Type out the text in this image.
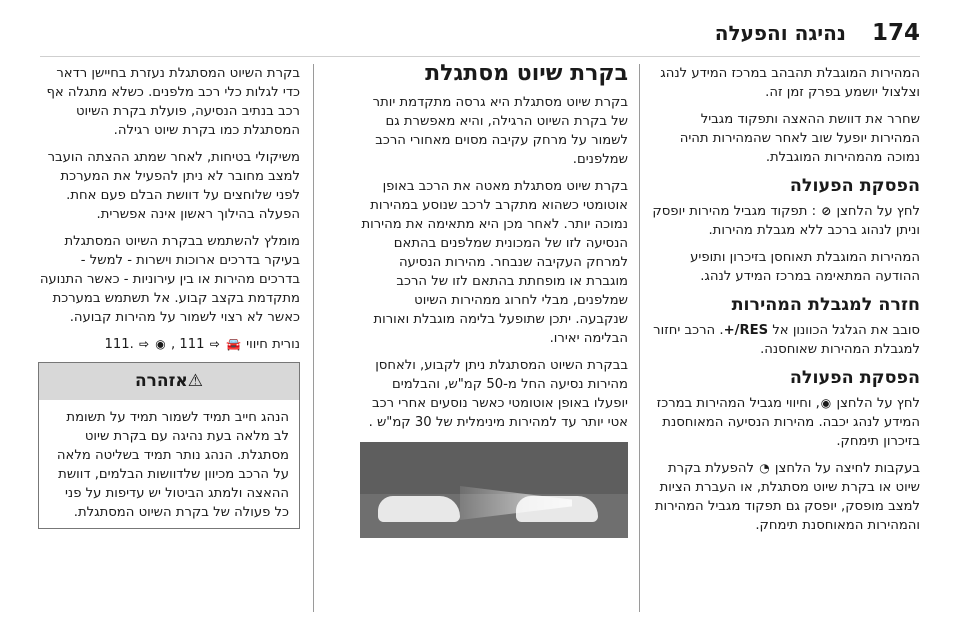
174
נהיגה והפעלה

המהירות המוגבלת תהבהב במרכז המידע לנהג וצלצול יושמע בפרק זמן זה.

שחרר את דוושת ההאצה ותפקוד מגביל המהירות יופעל שוב לאחר שהמהירות תהיה נמוכה מהמהירות המוגבלת.

הפסקת הפעולה

לחץ על הלחצן ⊘ : תפקוד מגביל מהירות יופסק וניתן לנהוג ברכב ללא מגבלת מהירות.

המהירות המוגבלת תאוחסן בזיכרון ותופיע ההודעה המתאימה במרכז המידע לנהג.

חזרה למגבלת המהירות

סובב את הגלגל הכוונון אל RES/+. הרכב יחזור למגבלת המהירות שאוחסנה.

הפסקת הפעולה

לחץ על הלחצן ◉, וחיווי מגביל המהירות במרכז המידע לנהג יכבה. מהירות הנסיעה המאוחסנת בזיכרון תימחק.

בעקבות לחיצה על הלחצן ◔ להפעלת בקרת שיוט או בקרת שיוט מסתגלת, או העברת הציות למצב מופסק, יופסק גם תפקוד מגביל המהירות והמהירות המאוחסנת תימחק.

בקרת שיוט מסתגלת

בקרת שיוט מסתגלת היא גרסה מתקדמת יותר של בקרת השיוט הרגילה, והיא מאפשרת גם לשמור על מרחק עקיבה מסוים מאחורי הרכב שמלפנים.

בקרת שיוט מסתגלת מאטה את הרכב באופן אוטומטי כשהוא מתקרב לרכב שנוסע במהירות נמוכה יותר. לאחר מכן היא מתאימה את מהירות הנסיעה לזו של המכונית שמלפנים בהתאם למרחק העקיבה שנבחר. מהירות הנסיעה מוגברת או מופחתת בהתאם לזו של הרכב שמלפנים, מבלי לחרוג ממהירות השיוט שנקבעה. יתכן שתופעל בלימה מוגבלת ואורות הבלימה יאירו.

בבקרת השיוט המסתגלת ניתן לקבוע, ולאחסן מהירות נסיעה החל מ-50 קמ"ש, והבלמים יופעלו באופן אוטומטי כאשר נוסעים אחרי רכב אטי יותר עד למהירות מינימלית של 30 קמ"ש .

בקרת השיוט המסתגלת נעזרת בחיישן רדאר כדי לגלות כלי רכב מלפנים. כשלא מתגלה אף רכב בנתיב הנסיעה, פועלת בקרת השיוט המסתגלת כמו בקרת שיוט רגילה.

משיקולי בטיחות, לאחר שמתג ההצתה הועבר למצב מחובר לא ניתן להפעיל את המערכת לפני שלוחצים על דוושת הבלם פעם אחת. הפעלה בהילוך ראשון אינה אפשרית.

מומלץ להשתמש בבקרת השיוט המסתגלת בעיקר בדרכים ארוכות וישרות - למשל - בדרכים מהירות או בין עירוניות - כאשר התנועה מתקדמת בקצב קבוע. אל תשתמש במערכת כאשר לא רצוי לשמור על מהירות קבועה.

נורית חיווי 🚘 ⇨ 111 , ◉ ⇨ .111

⚠אזהרה
הנהג חייב תמיד לשמור תמיד על תשומת לב מלאה בעת נהיגה עם בקרת שיוט מסתגלת. הנהג נותר תמיד בשליטה מלאה על הרכב מכיוון שלדוושות הבלמים, דוושת ההאצה ולמתג הביטול יש עדיפות על פני כל פעולה של בקרת השיוט המסתגלת.
